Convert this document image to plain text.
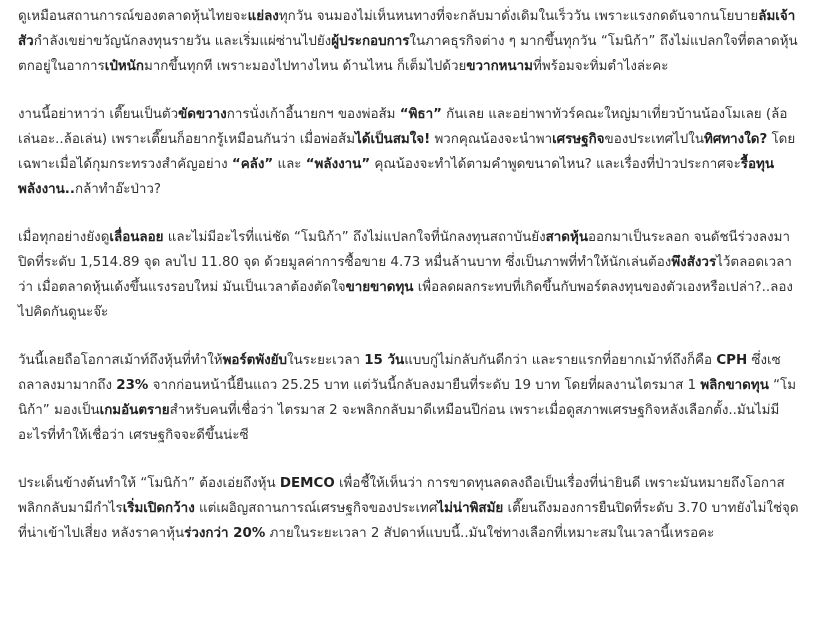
ดูเหมือนสถานการณ์ของตลาดหุ้นไทยจะแย่ลงทุกวัน จนมองไม่เห็นหนทางที่จะกลับมาดั่งเดิมในเร็ววัน เพราะแรงกดดันจากนโยบายลัมเจ้าสัวกำลังเขย่าขวัญนักลงทุนรายวัน และเริ่มแผ่ซ่านไปยังผู้ประกอบการในภาคธุรกิจต่าง ๆ มากขึ้นทุกวัน “โมนิก้า” ถึงไม่แปลกใจที่ตลาดหุ้นตกอยู่ในอาการเป๋หนักมากขึ้นทุกที เพราะมองไปทางไหน ด้านไหน ก็เต็มไปด้วยขวากหนามที่พร้อมจะทิ่มตำไงล่ะคะ

งานนี้อย่าหาว่า เตี๊ยนเป็นตัวขัดขวางการนั่งเก้าอี้นายกฯ ของพ่อส้ม “พิธา” กันเลย และอย่าพาทัวร์คณะใหญ่มาเที่ยวบ้านน้องโมเลย (ล้อเล่นอะ..ล้อเล่น) เพราะเตี๊ยนก็อยากรู้เหมือนกันว่า เมื่อพ่อส้มได้เป็นสมใจ! พวกคุณน้องจะนำพาเศรษฐกิจของประเทศไปในทิศทางใด? โดยเฉพาะเมื่อได้กุมกระทรวงสำคัญอย่าง “คลัง” และ “พลังงาน” คุณน้องจะทำได้ตามคำพูดขนาดไหน? และเรื่องที่ป่าวประกาศจะรื้อทุนพลังงาน..กล้าทำอ๊ะป่าว?

เมื่อทุกอย่างยังดูเลื่อนลอย และไม่มีอะไรที่แน่ชัด “โมนิก้า” ถึงไม่แปลกใจที่นักลงทุนสถาบันยังสาดหุ้นออกมาเป็นระลอก จนดัชนีร่วงลงมาปิดที่ระดับ 1,514.89 จุด ลบไป 11.80 จุด ด้วยมูลค่าการซื้อขาย 4.73 หมื่นล้านบาท ซึ่งเป็นภาพที่ทำให้นักเล่นต้องพึงสังวรไว้ตลอดเวลาว่า เมื่อตลาดหุ้นเด้งขึ้นแรงรอบใหม่ มันเป็นเวลาต้องตัดใจขายขาดทุน เพื่อลดผลกระทบที่เกิดขึ้นกับพอร์ตลงทุนของตัวเองหรือเปล่า?..ลองไปคิดกันดูนะจ๊ะ

วันนี้เลยถือโอกาสเม้าท์ถึงหุ้นที่ทำให้พอร์ตพังยับในระยะเวลา 15 วันแบบกู่ไม่กลับกันดีกว่า และรายแรกที่อยากเม้าท์ถึงก็คือ CPH ซึ่งเซถลาลงมามากถึง 23% จากก่อนหน้านี้ยืนแถว 25.25 บาท แต่วันนี้กลับลงมายืนที่ระดับ 19 บาท โดยที่ผลงานไตรมาส 1 พลิกขาดทุน “โมนิก้า” มองเป็นเกมอันตรายสำหรับคนที่เชื่อว่า ไตรมาส 2 จะพลิกกลับมาดีเหมือนปีก่อน เพราะเมื่อดูสภาพเศรษฐกิจหลังเลือกตั้ง..มันไม่มีอะไรที่ทำให้เชื่อว่า เศรษฐกิจจะดีขึ้นน่ะซี

ประเด็นข้างต้นทำให้ “โมนิก้า” ต้องเอ่ยถึงหุ้น DEMCO เพื่อชี้ให้เห็นว่า การขาดทุนลดลงถือเป็นเรื่องที่น่ายินดี เพราะมันหมายถึงโอกาสพลิกกลับมามีกำไรเริ่มเปิดกว้าง แต่เผอิญสถานการณ์เศรษฐกิจของประเทศไม่น่าพิสมัย เตี๊ยนถึงมองการยืนปิดที่ระดับ 3.70 บาทยังไม่ใช่จุดที่น่าเข้าไปเสี่ยง หลังราคาหุ้นร่วงกว่า 20% ภายในระยะเวลา 2 สัปดาห์แบบนี้..มันใช่ทางเลือกที่เหมาะสมในเวลานี้เหรอคะ
